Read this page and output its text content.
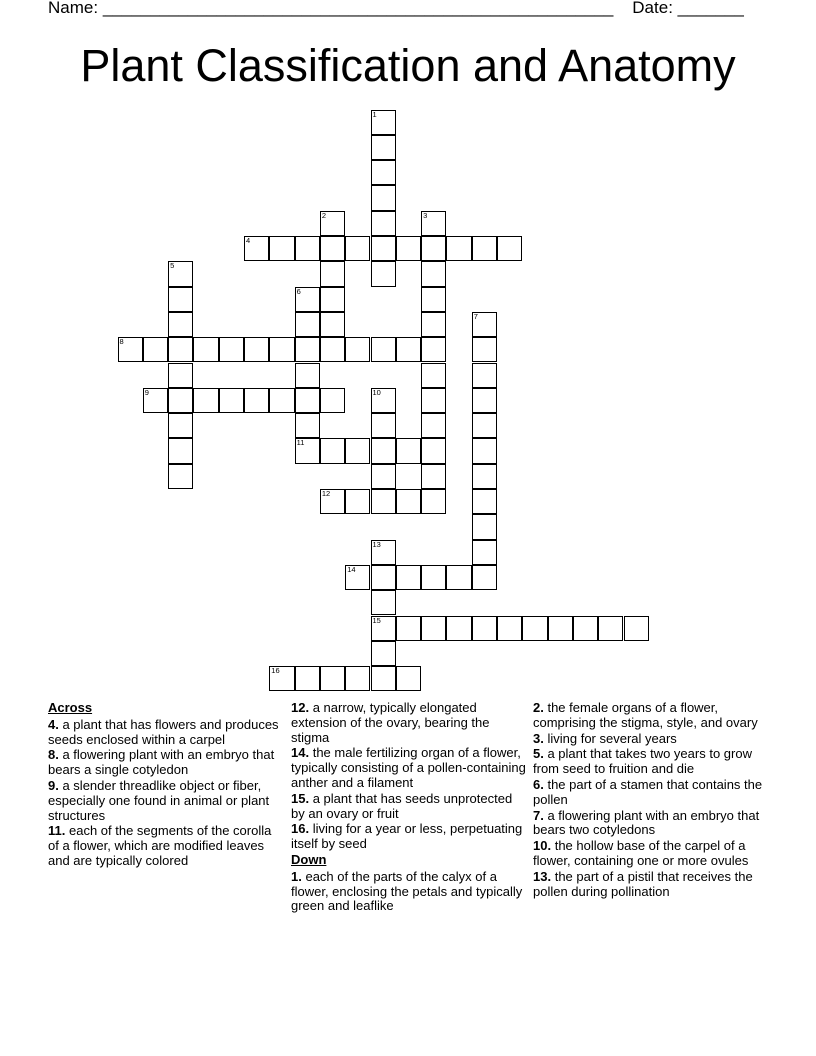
Name: ______________________________________________________ Date: _______
Plant Classification and Anatomy
1
2	3
4
5
6
7
8
9	10
11
12
13
15
14
16
Across
4. a plant that has flowers and produces seeds enclosed within a carpel
8. a flowering plant with an embryo that bears a single cotyledon
9. a slender threadlike object or fiber, especially one found in animal or plant structures
11. each of the segments of the corolla of a flower, which are modified leaves and are typically colored
12. a narrow, typically elongated extension of the ovary, bearing the stigma
14. the male fertilizing organ of a flower, typically consisting of a pollen-containing anther and a filament
15. a plant that has seeds unprotected by an ovary or fruit
16. living for a year or less, perpetuating itself by seed
Down
1. each of the parts of the calyx of a flower, enclosing the petals and typically green and leaflike
2. the female organs of a flower, comprising the stigma, style, and ovary
3. living for several years
5. a plant that takes two years to grow from seed to fruition and die
6. the part of a stamen that contains the pollen
7. a flowering plant with an embryo that bears two cotyledons
10. the hollow base of the carpel of a flower, containing one or more ovules
13. the part of a pistil that receives the pollen during pollination
